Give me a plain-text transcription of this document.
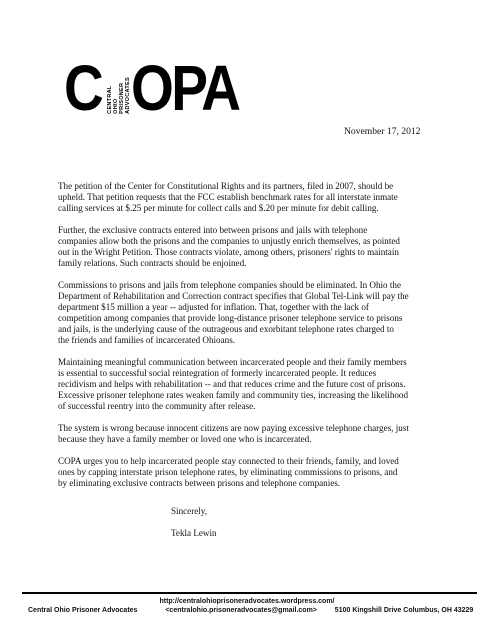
C CENTRAL OHIO PRISONER ADVOCATES OPA
November 17, 2012

The petition of the Center for Constitutional Rights and its partners, filed in 2007, should be
upheld. That petition requests that the FCC establish benchmark rates for all interstate inmate
calling services at $.25 per minute for collect calls and $.20 per minute for debit calling.

Further, the exclusive contracts entered into between prisons and jails with telephone
companies allow both the prisons and the companies to unjustly enrich themselves, as pointed
out in the Wright Petition. Those contracts violate, among others, prisoners' rights to maintain
family relations. Such contracts should be enjoined.

Commissions to prisons and jails from telephone companies should be eliminated. In Ohio the
Department of Rehabilitation and Correction contract specifies that Global Tel-Link will pay the
department $15 million a year -- adjusted for inflation. That, together with the lack of
competition among companies that provide long-distance prisoner telephone service to prisons
and jails, is the underlying cause of the outrageous and exorbitant telephone rates charged to
the friends and families of incarcerated Ohioans.

Maintaining meaningful communication between incarcerated people and their family members
is essential to successful social reintegration of formerly incarcerated people. It reduces
recidivism and helps with rehabilitation -- and that reduces crime and the future cost of prisons.
Excessive prisoner telephone rates weaken family and community ties, increasing the likelihood
of successful reentry into the community after release.

The system is wrong because innocent citizens are now paying excessive telephone charges, just
because they have a family member or loved one who is incarcerated.

COPA urges you to help incarcerated people stay connected to their friends, family, and loved
ones by capping interstate prison telephone rates, by eliminating commissions to prisons, and
by eliminating exclusive contracts between prisons and telephone companies.

Sincerely,
Tekla Lewin
http://centralohioprisoneradvocates.wordpress.com/
Central Ohio Prisoner Advocates	<centralohio.prisoneradvocates@gmail.com>	5100 Kingshill Drive Columbus, OH 43229
